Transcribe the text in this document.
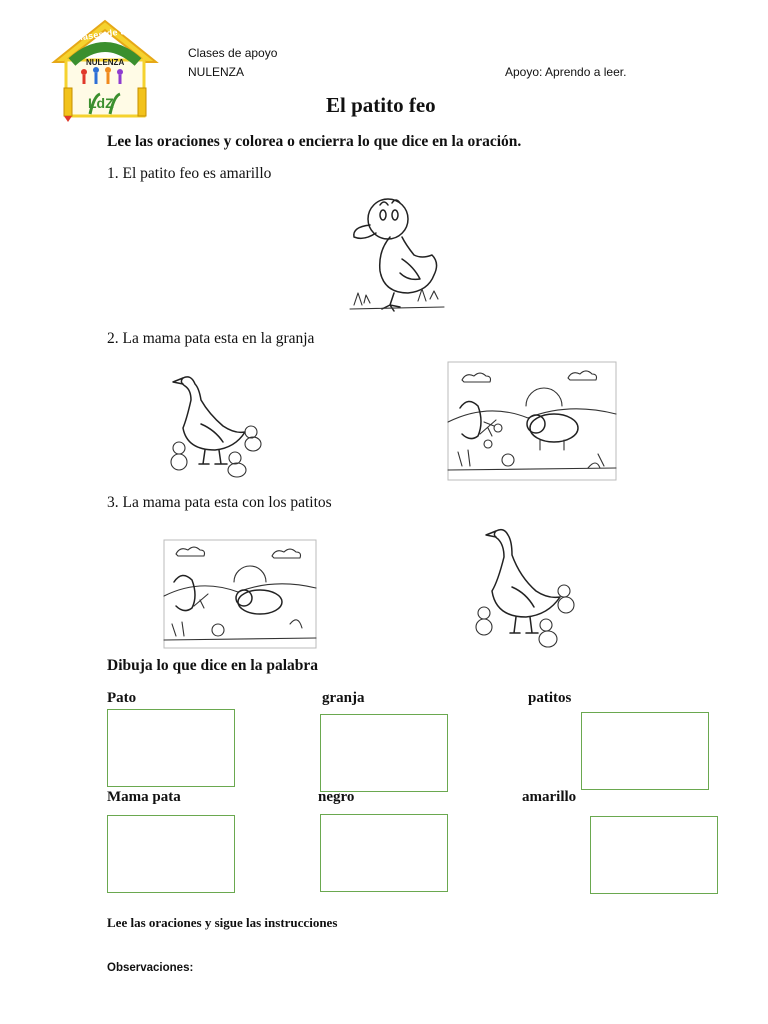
Clases de apoyo
NULENZA
LdZ
Clases de apoyo
NULENZA	Apoyo: Aprendo a leer.
El patito feo
Lee las oraciones y colorea o encierra lo que dice en la oración.
1. El patito feo es amarillo
2. La mama pata esta en la granja
3. La mama pata esta con los patitos
Dibuja lo que dice en la palabra
Pato	granja	patitos
Mama pata	negro	amarillo
Lee las oraciones y sigue las instrucciones
Observaciones:
